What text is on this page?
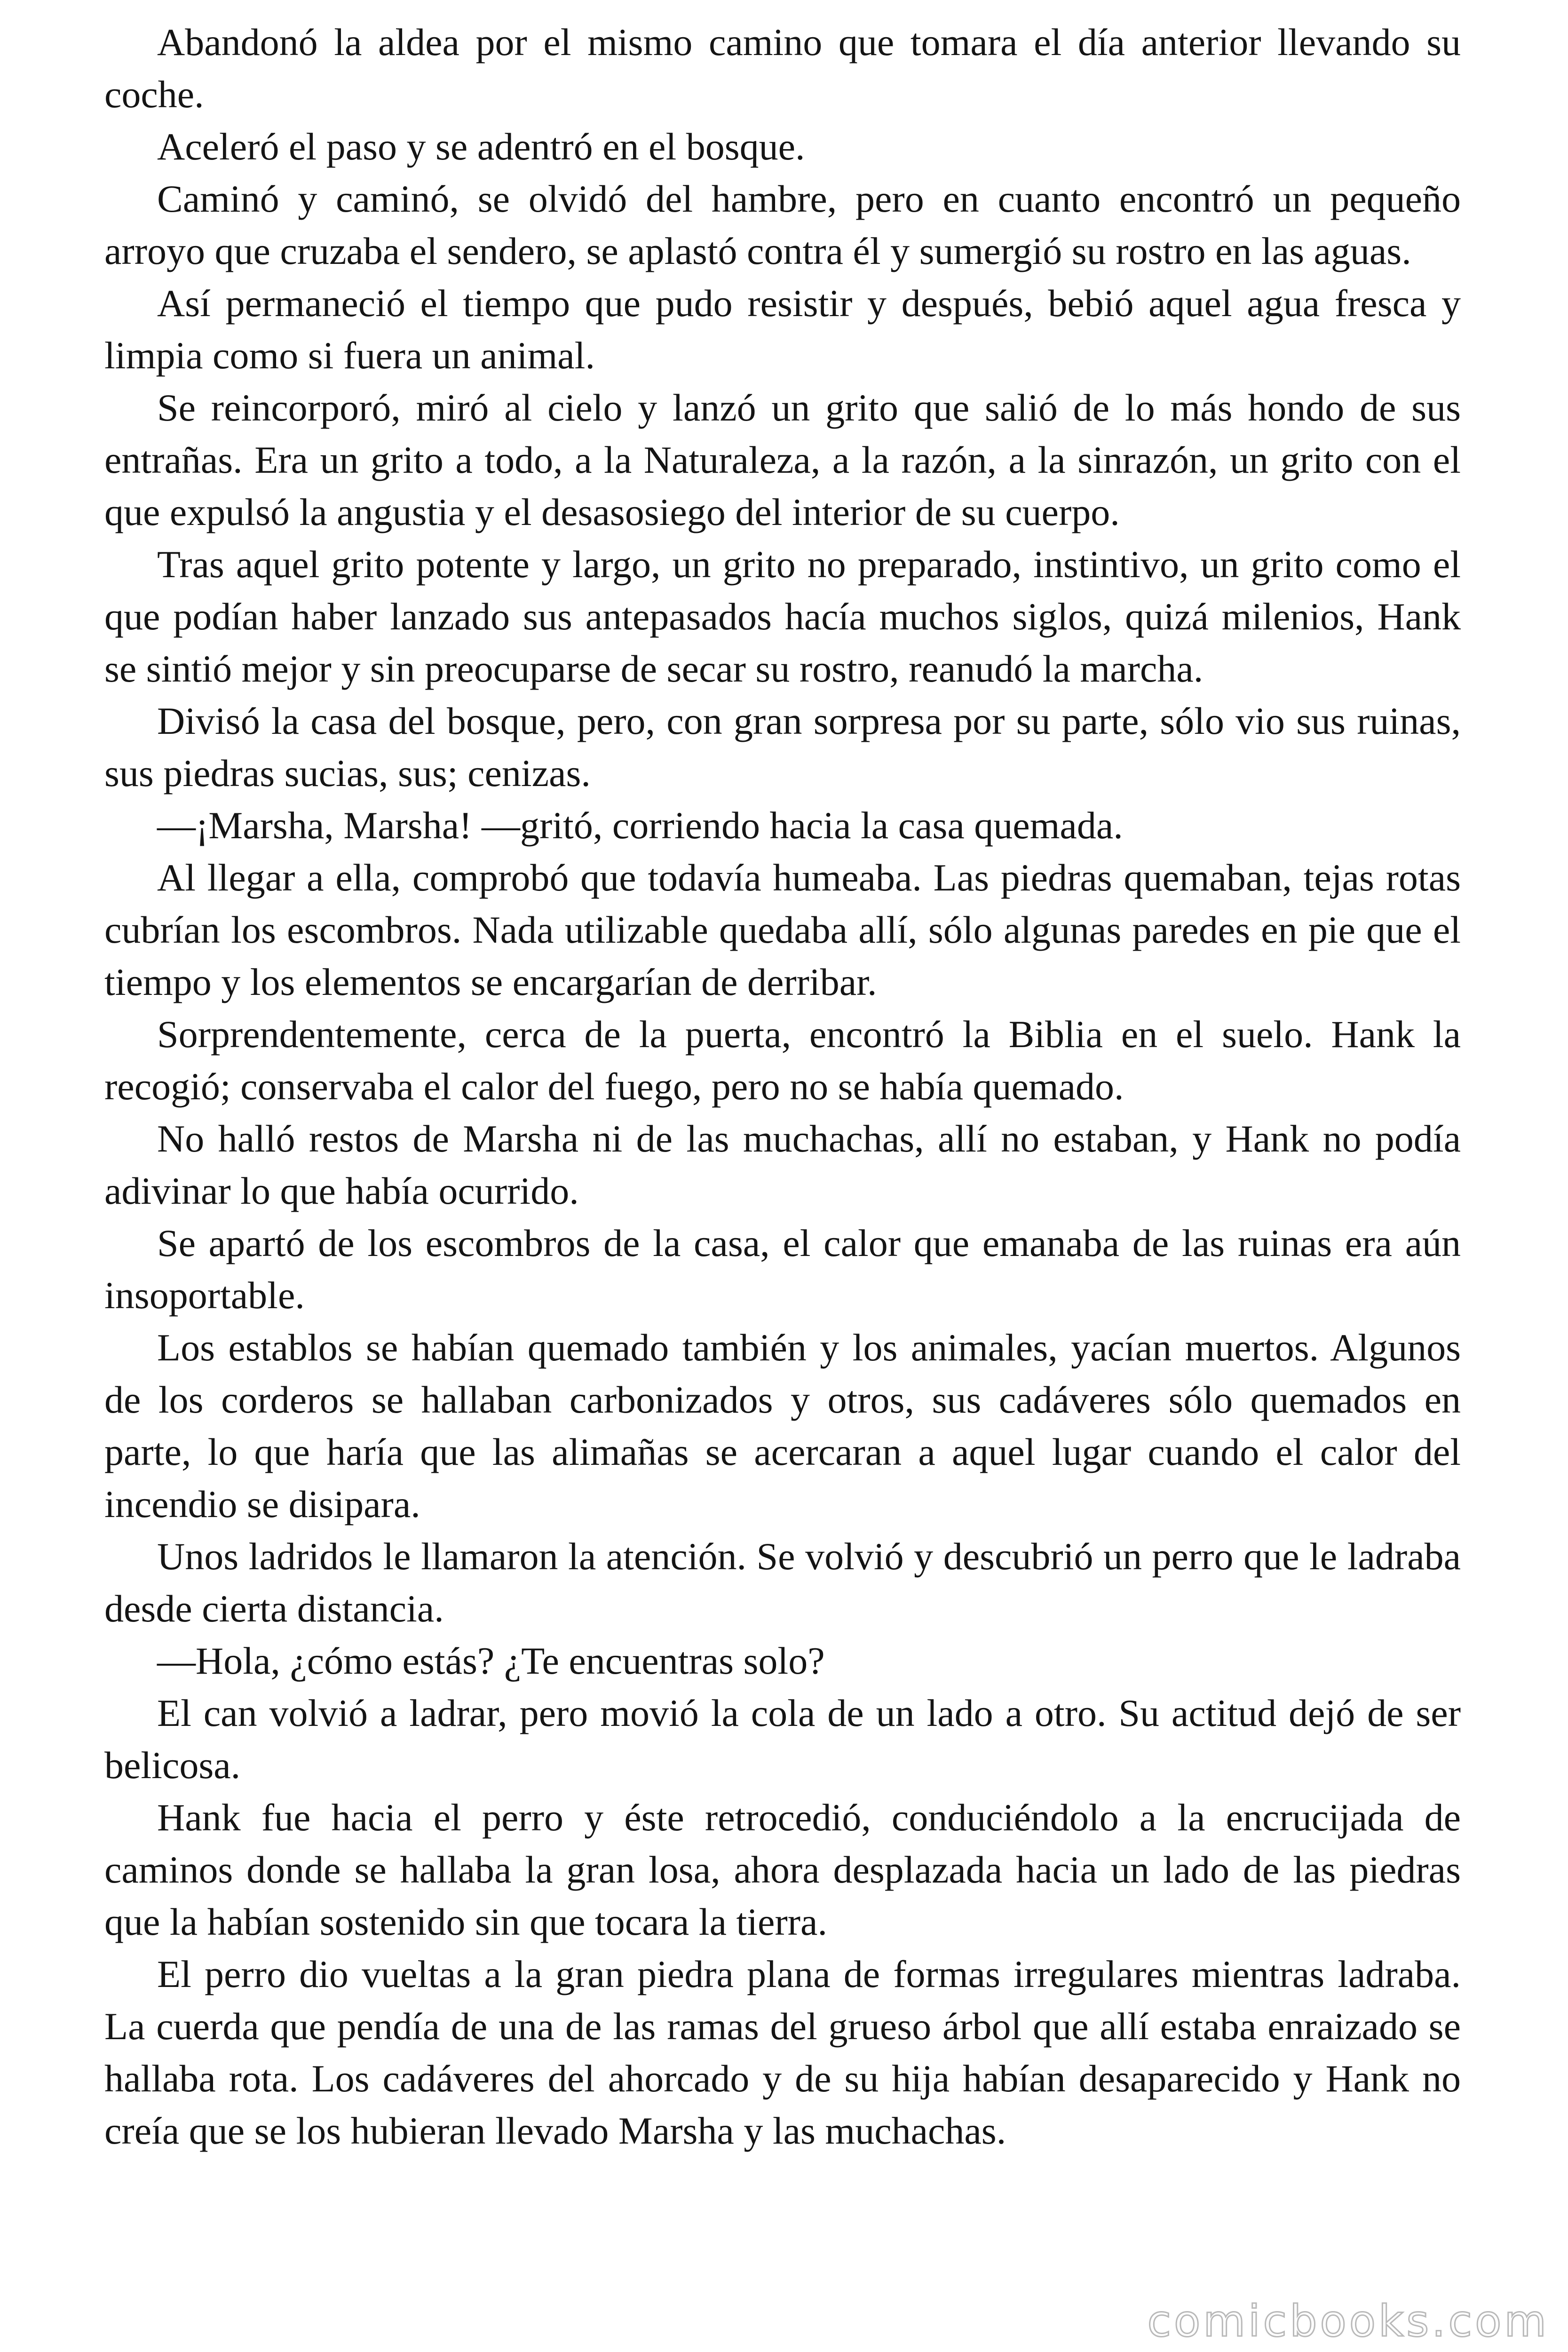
Abandonó la aldea por el mismo camino que tomara el día anterior llevando su coche.

Aceleró el paso y se adentró en el bosque.

Caminó y caminó, se olvidó del hambre, pero en cuanto encontró un pequeño arroyo que cruzaba el sendero, se aplastó contra él y sumergió su rostro en las aguas.

Así permaneció el tiempo que pudo resistir y después, bebió aquel agua fresca y limpia como si fuera un animal.

Se reincorporó, miró al cielo y lanzó un grito que salió de lo más hondo de sus entrañas. Era un grito a todo, a la Naturaleza, a la razón, a la sinrazón, un grito con el que expulsó la angustia y el desasosiego del interior de su cuerpo.

Tras aquel grito potente y largo, un grito no preparado, instintivo, un grito como el que podían haber lanzado sus antepasados hacía muchos siglos, quizá milenios, Hank se sintió mejor y sin preocuparse de secar su rostro, reanudó la marcha.

Divisó la casa del bosque, pero, con gran sorpresa por su parte, sólo vio sus ruinas, sus piedras sucias, sus; cenizas.

—¡Marsha, Marsha! —gritó, corriendo hacia la casa quemada.

Al llegar a ella, comprobó que todavía humeaba. Las piedras quemaban, tejas rotas cubrían los escombros. Nada utilizable quedaba allí, sólo algunas paredes en pie que el tiempo y los elementos se encargarían de derribar.

Sorprendentemente, cerca de la puerta, encontró la Biblia en el suelo. Hank la recogió; conservaba el calor del fuego, pero no se había quemado.

No halló restos de Marsha ni de las muchachas, allí no estaban, y Hank no podía adivinar lo que había ocurrido.

Se apartó de los escombros de la casa, el calor que emanaba de las ruinas era aún insoportable.

Los establos se habían quemado también y los animales, yacían muertos. Algunos de los corderos se hallaban carbonizados y otros, sus cadáveres sólo quemados en parte, lo que haría que las alimañas se acercaran a aquel lugar cuando el calor del incendio se disipara.

Unos ladridos le llamaron la atención. Se volvió y descubrió un perro que le ladraba desde cierta distancia.

—Hola, ¿cómo estás? ¿Te encuentras solo?

El can volvió a ladrar, pero movió la cola de un lado a otro. Su actitud dejó de ser belicosa.

Hank fue hacia el perro y éste retrocedió, conduciéndolo a la encrucijada de caminos donde se hallaba la gran losa, ahora desplazada hacia un lado de las piedras que la habían sostenido sin que tocara la tierra.

El perro dio vueltas a la gran piedra plana de formas irregulares mientras ladraba. La cuerda que pendía de una de las ramas del grueso árbol que allí estaba enraizado se hallaba rota. Los cadáveres del ahorcado y de su hija habían desaparecido y Hank no creía que se los hubieran llevado Marsha y las muchachas.

comicbooks.com
